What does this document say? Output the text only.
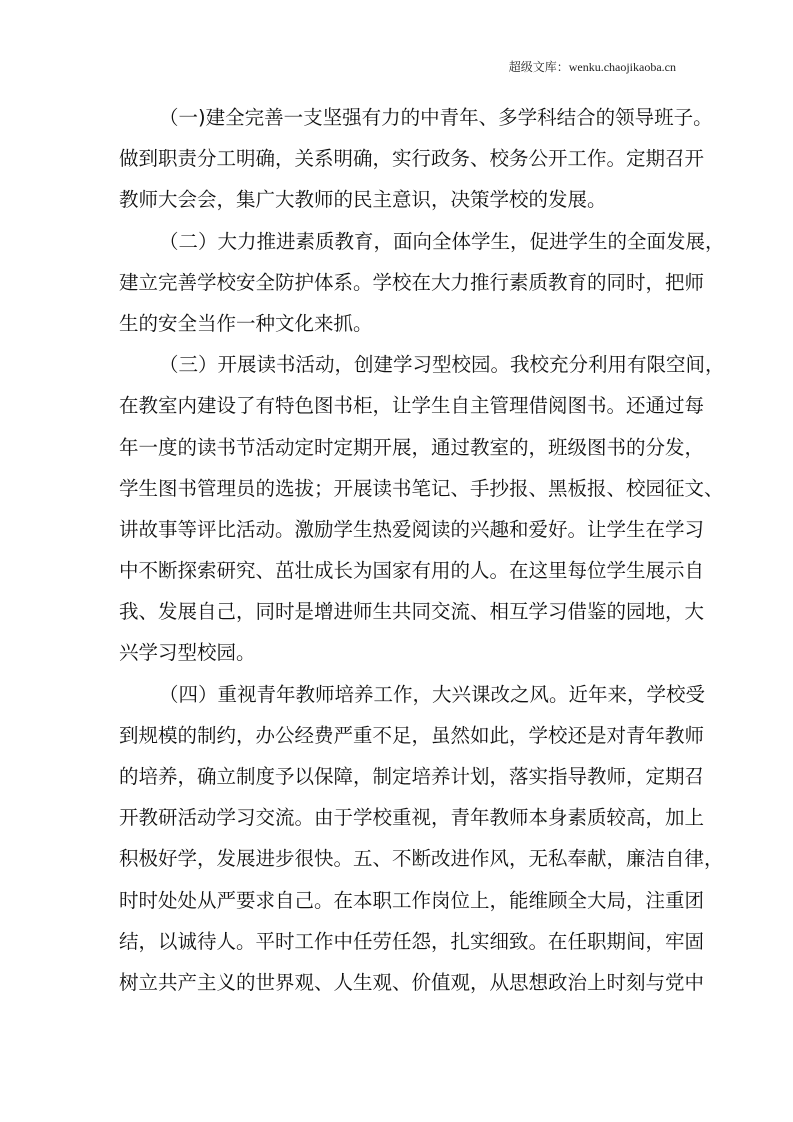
超级文库：wenku.chaojikaoba.cn
（一)建全完善一支坚强有力的中青年、多学科结合的领导班子。
做到职责分工明确，关系明确，实行政务、校务公开工作。定期召开
教师大会会，集广大教师的民主意识，决策学校的发展。
（二）大力推进素质教育，面向全体学生，促进学生的全面发展，
建立完善学校安全防护体系。学校在大力推行素质教育的同时，把师
生的安全当作一种文化来抓。
（三）开展读书活动，创建学习型校园。我校充分利用有限空间，
在教室内建设了有特色图书柜，让学生自主管理借阅图书。还通过每
年一度的读书节活动定时定期开展，通过教室的，班级图书的分发，
学生图书管理员的选拔；开展读书笔记、手抄报、黑板报、校园征文、
讲故事等评比活动。激励学生热爱阅读的兴趣和爱好。让学生在学习
中不断探索研究、茁壮成长为国家有用的人。在这里每位学生展示自
我、发展自己，同时是增进师生共同交流、相互学习借鉴的园地，大
兴学习型校园。
（四）重视青年教师培养工作，大兴课改之风。近年来，学校受
到规模的制约，办公经费严重不足，虽然如此，学校还是对青年教师
的培养，确立制度予以保障，制定培养计划，落实指导教师，定期召
开教研活动学习交流。由于学校重视，青年教师本身素质较高，加上
积极好学，发展进步很快。五、不断改进作风，无私奉献，廉洁自律，
时时处处从严要求自己。在本职工作岗位上，能维顾全大局，注重团
结，以诚待人。平时工作中任劳任怨，扎实细致。在任职期间，牢固
树立共产主义的世界观、人生观、价值观，从思想政治上时刻与党中
